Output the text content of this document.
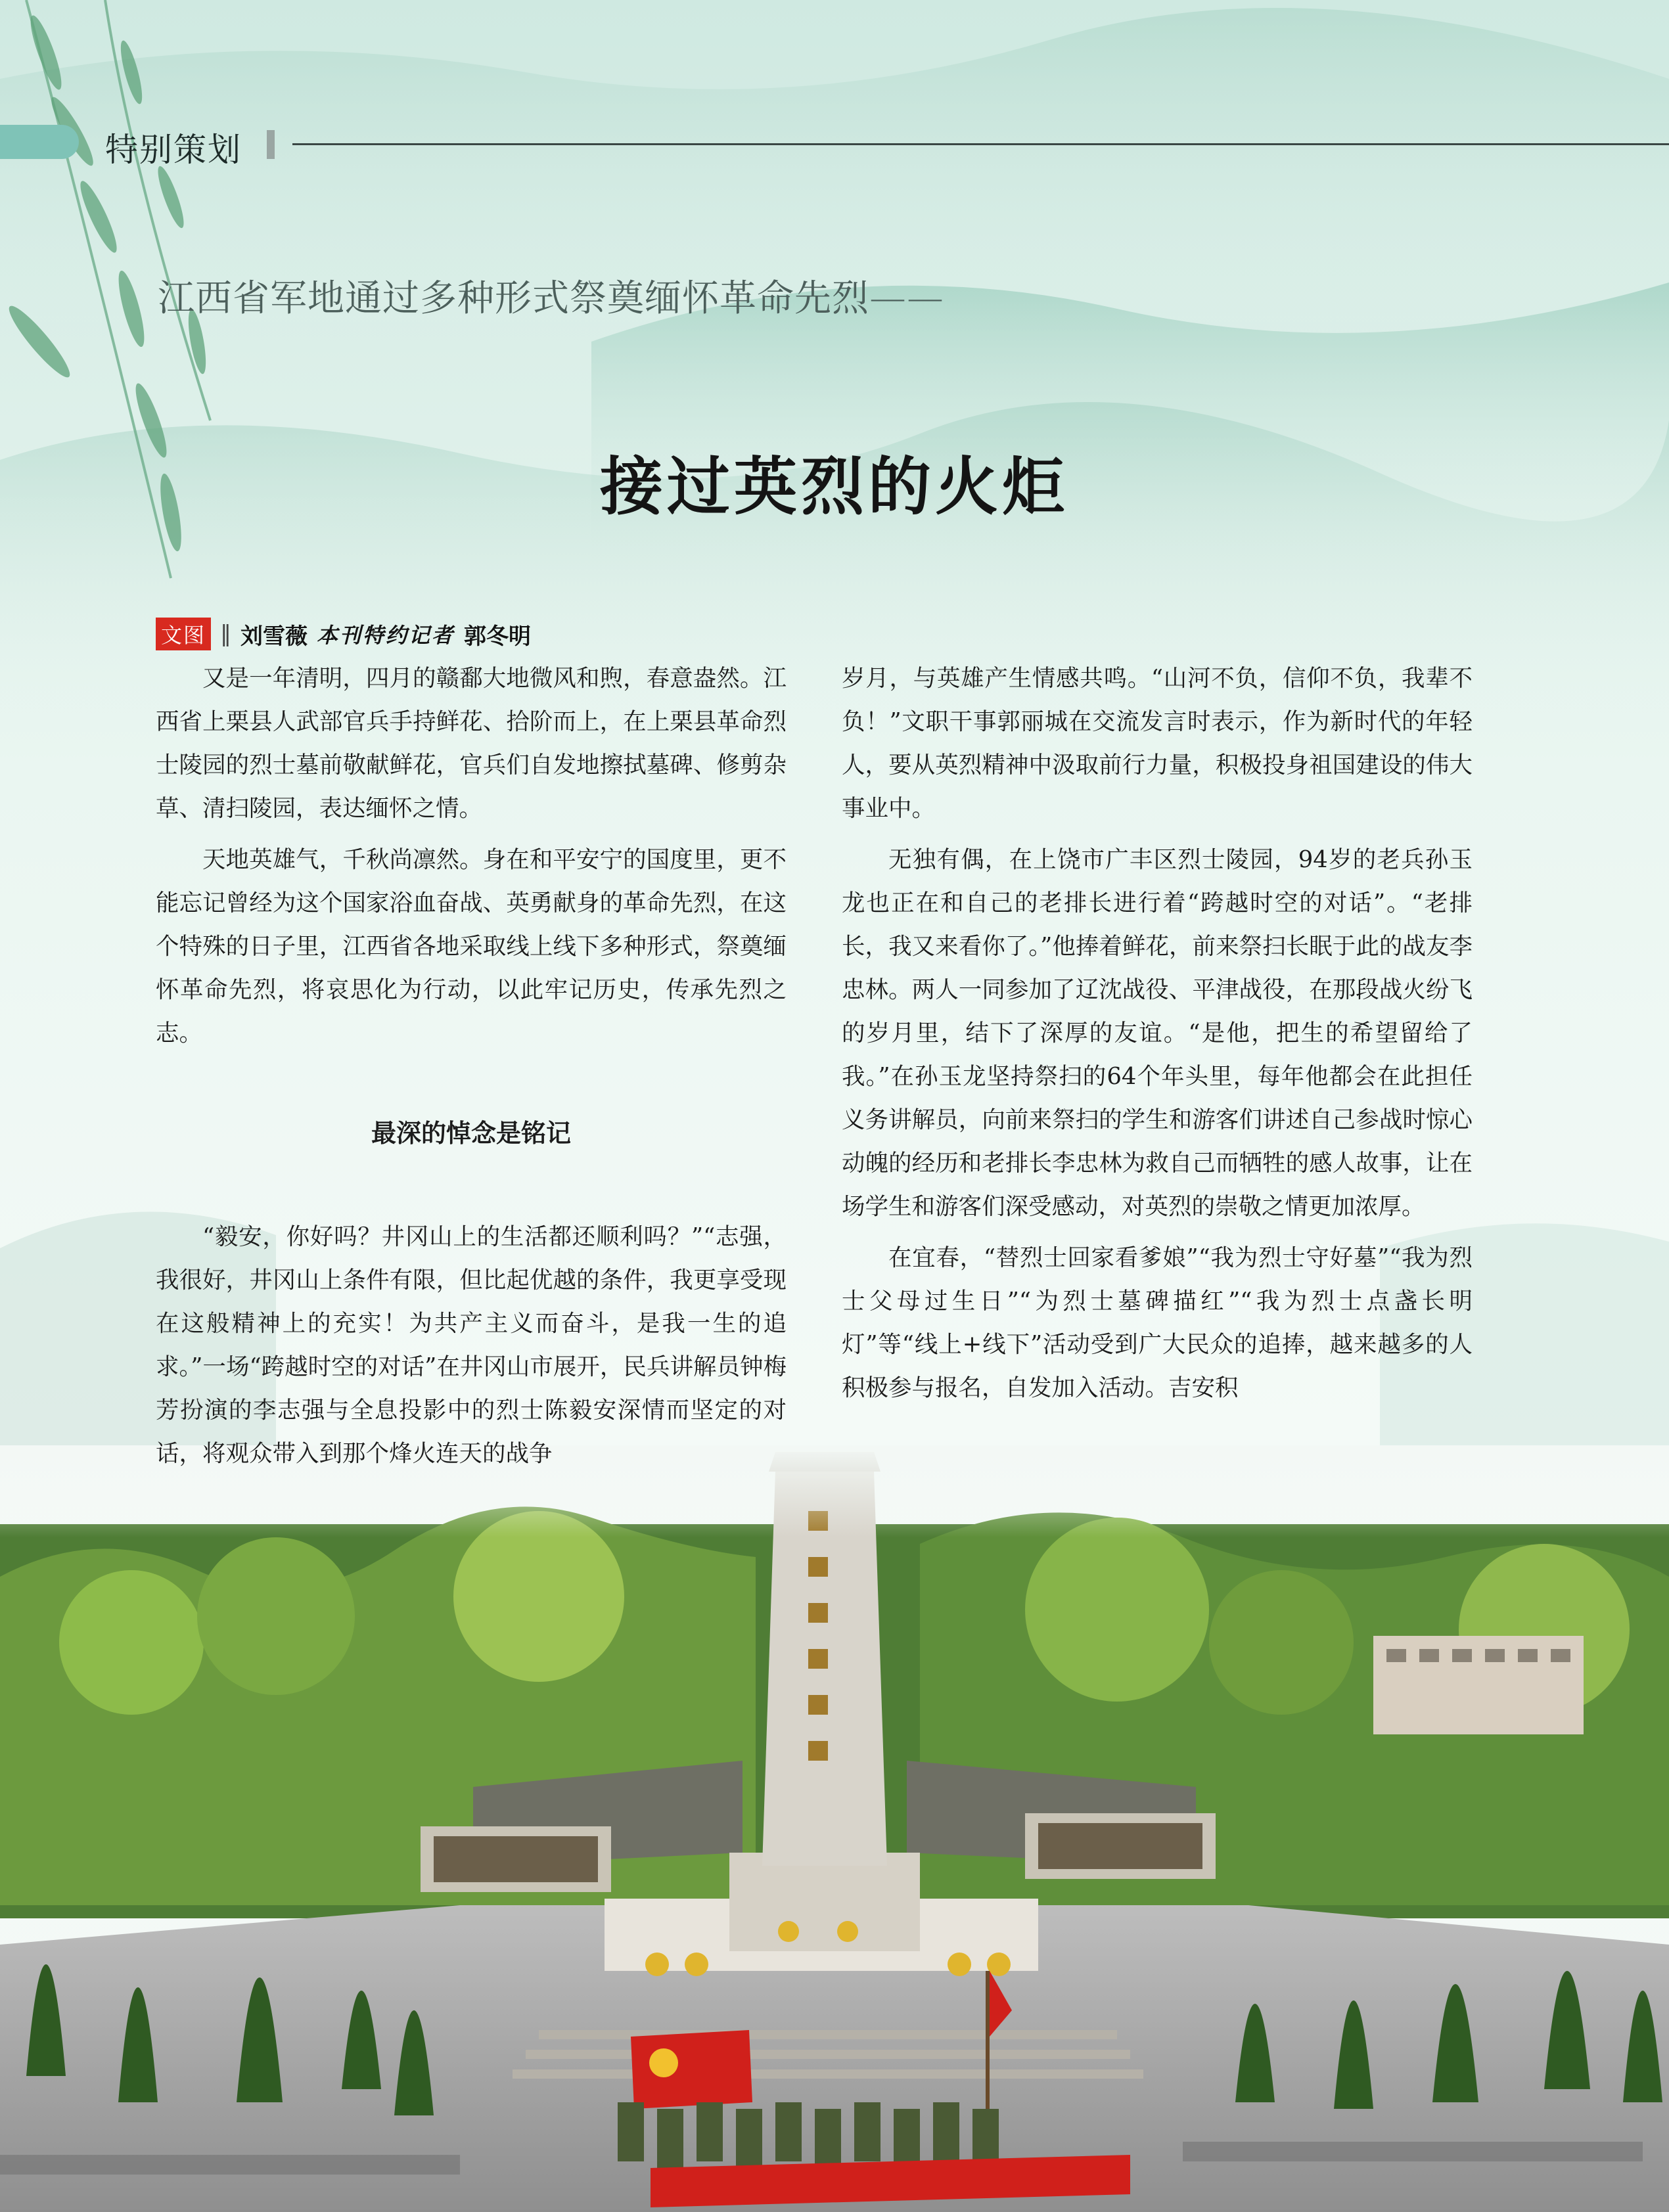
特别策划
江西省军地通过多种形式祭奠缅怀革命先烈——
接过英烈的火炬
文图 ‖ 刘雪薇 本刊特约记者 郭冬明

又是一年清明，四月的赣鄱大地微风和煦，春意盎然。江西省上栗县人武部官兵手持鲜花、拾阶而上，在上栗县革命烈士陵园的烈士墓前敬献鲜花，官兵们自发地擦拭墓碑、修剪杂草、清扫陵园，表达缅怀之情。

天地英雄气，千秋尚凛然。身在和平安宁的国度里，更不能忘记曾经为这个国家浴血奋战、英勇献身的革命先烈，在这个特殊的日子里，江西省各地采取线上线下多种形式，祭奠缅怀革命先烈，将哀思化为行动，以此牢记历史，传承先烈之志。

最深的悼念是铭记

“毅安，你好吗？井冈山上的生活都还顺利吗？”“志强，我很好，井冈山上条件有限，但比起优越的条件，我更享受现在这般精神上的充实！为共产主义而奋斗，是我一生的追求。”一场“跨越时空的对话”在井冈山市展开，民兵讲解员钟梅芳扮演的李志强与全息投影中的烈士陈毅安深情而坚定的对话，将观众带入到那个烽火连天的战争

岁月，与英雄产生情感共鸣。“山河不负，信仰不负，我辈不负！”文职干事郭丽城在交流发言时表示，作为新时代的年轻人，要从英烈精神中汲取前行力量，积极投身祖国建设的伟大事业中。

无独有偶，在上饶市广丰区烈士陵园，94岁的老兵孙玉龙也正在和自己的老排长进行着“跨越时空的对话”。“老排长，我又来看你了。”他捧着鲜花，前来祭扫长眠于此的战友李忠林。两人一同参加了辽沈战役、平津战役，在那段战火纷飞的岁月里，结下了深厚的友谊。“是他，把生的希望留给了我。”在孙玉龙坚持祭扫的64个年头里，每年他都会在此担任义务讲解员，向前来祭扫的学生和游客们讲述自己参战时惊心动魄的经历和老排长李忠林为救自己而牺牲的感人故事，让在场学生和游客们深受感动，对英烈的崇敬之情更加浓厚。

在宜春，“替烈士回家看爹娘”“我为烈士守好墓”“我为烈士父母过生日”“为烈士墓碑描红”“我为烈士点盏长明灯”等“线上+线下”活动受到广大民众的追捧，越来越多的人积极参与报名，自发加入活动。吉安积
